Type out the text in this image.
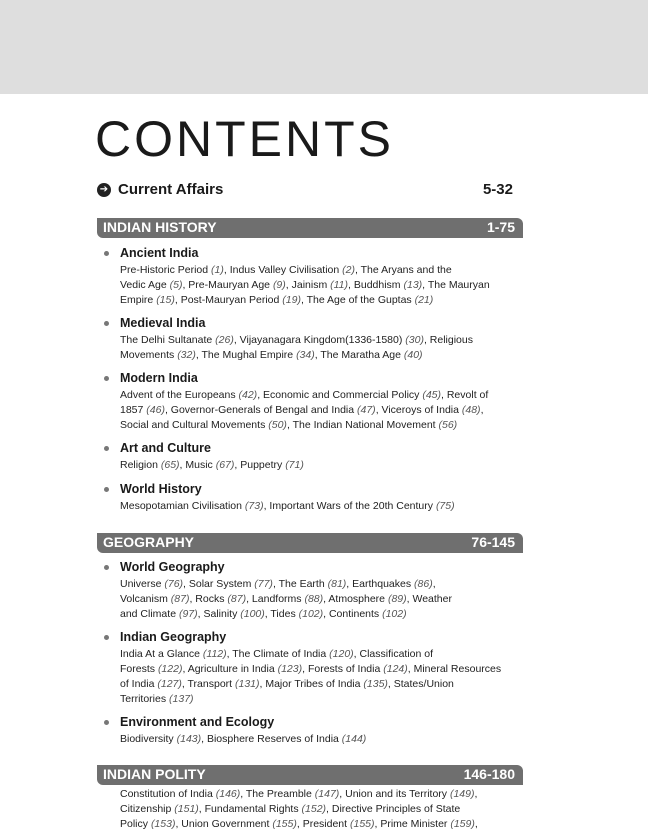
CONTENTS
➔ Current Affairs	5-32
INDIAN HISTORY	1-75
Ancient India
Pre-Historic Period (1), Indus Valley Civilisation (2), The Aryans and the
Vedic Age (5), Pre-Mauryan Age (9), Jainism (11), Buddhism (13), The Mauryan
Empire (15), Post-Mauryan Period (19), The Age of the Guptas (21)
Medieval India
The Delhi Sultanate (26), Vijayanagara Kingdom(1336-1580) (30), Religious
Movements (32), The Mughal Empire (34), The Maratha Age (40)
Modern India
Advent of the Europeans (42), Economic and Commercial Policy (45), Revolt of
1857 (46), Governor-Generals of Bengal and India (47), Viceroys of India (48),
Social and Cultural Movements (50), The Indian National Movement (56)
Art and Culture
Religion (65), Music (67), Puppetry (71)
World History
Mesopotamian Civilisation (73), Important Wars of the 20th Century (75)
GEOGRAPHY	76-145
World Geography
Universe (76), Solar System (77), The Earth (81), Earthquakes (86),
Volcanism (87), Rocks (87), Landforms (88), Atmosphere (89), Weather
and Climate (97), Salinity (100), Tides (102), Continents (102)
Indian Geography
India At a Glance (112), The Climate of India (120), Classification of
Forests (122), Agriculture in India (123), Forests of India (124), Mineral Resources
of India (127), Transport (131), Major Tribes of India (135), States/Union
Territories (137)
Environment and Ecology
Biodiversity (143), Biosphere Reserves of India (144)
INDIAN POLITY	146-180
Constitution of India (146), The Preamble (147), Union and its Territory (149),
Citizenship (151), Fundamental Rights (152), Directive Principles of State
Policy (153), Union Government (155), President (155), Prime Minister (159),
